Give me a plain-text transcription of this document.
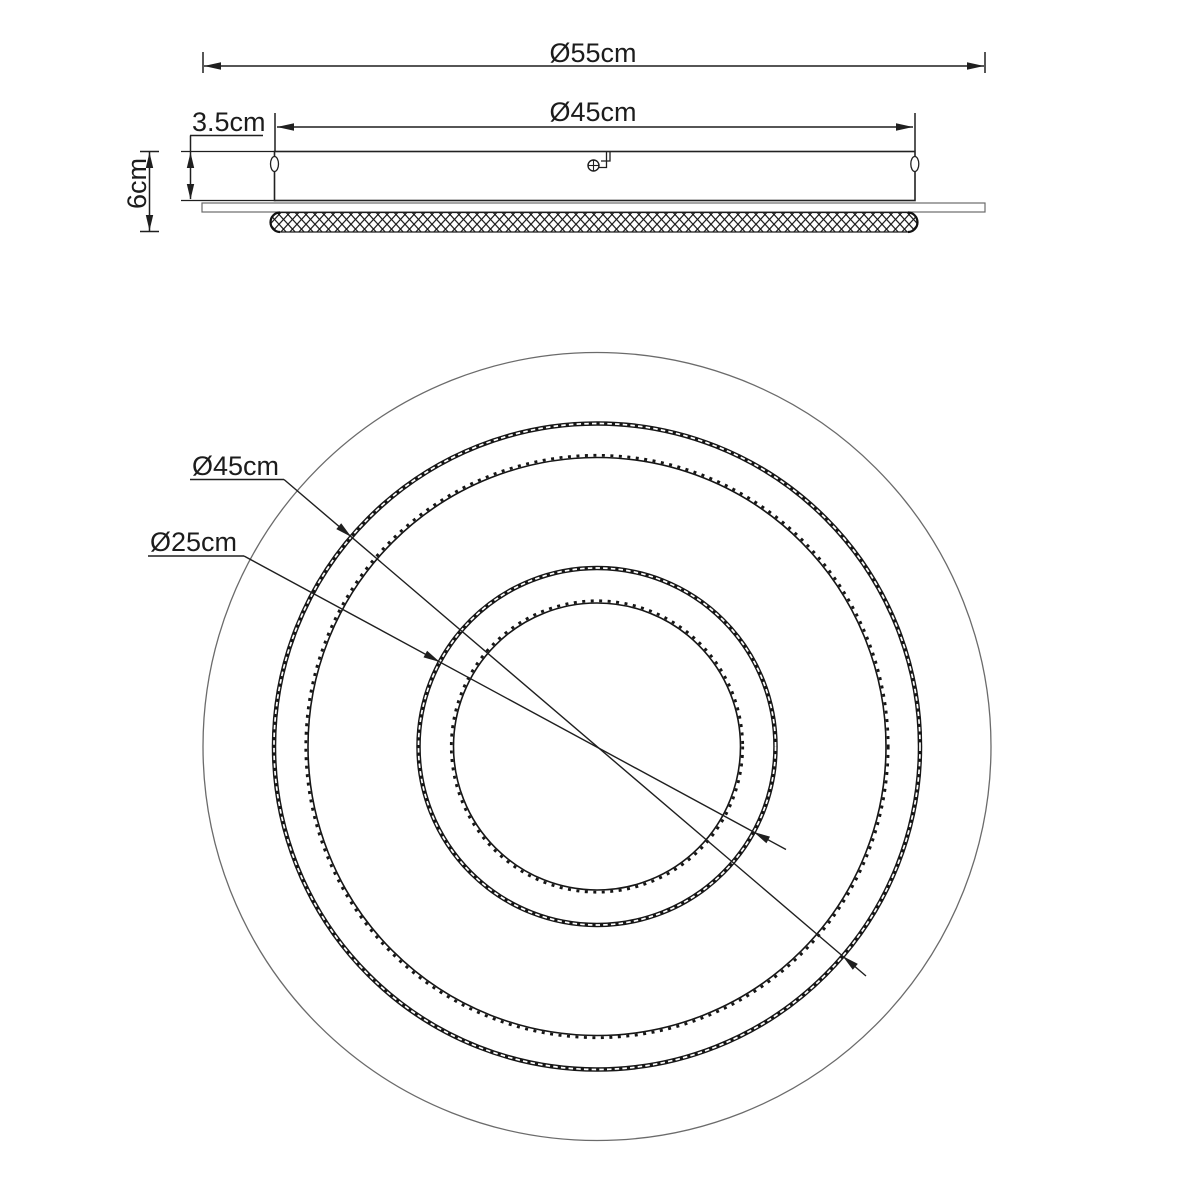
Ø55cm
Ø45cm
3.5cm
6cm
Ø45cm
Ø25cm
